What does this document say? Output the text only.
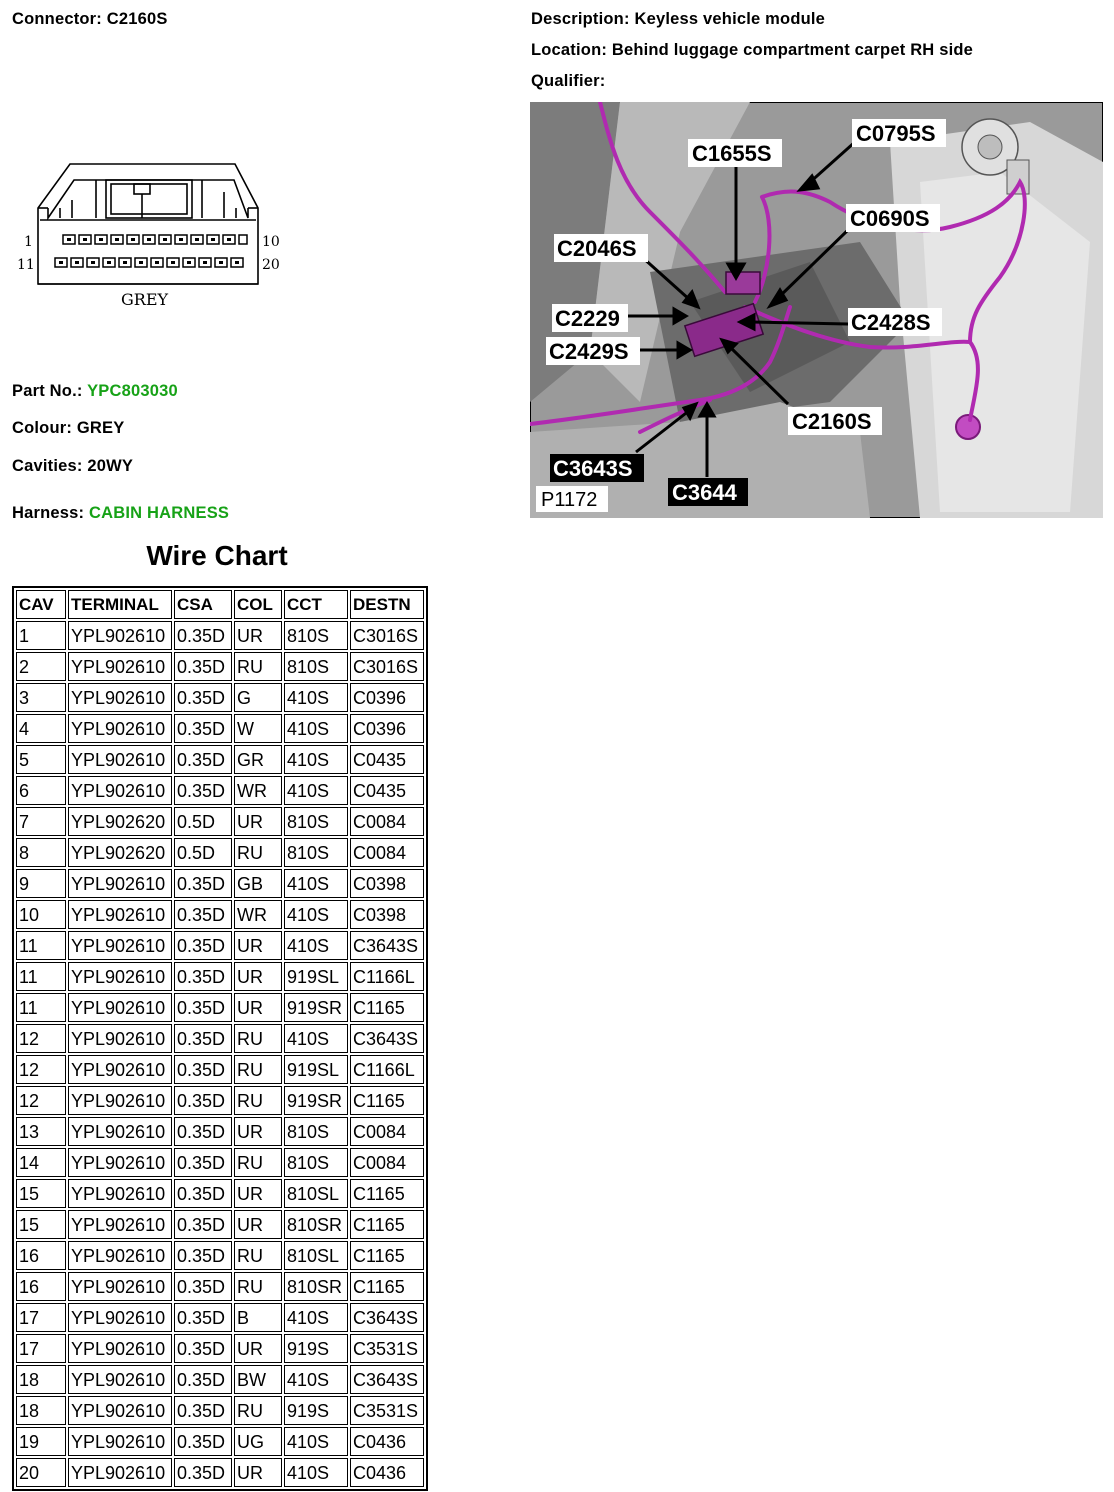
Connector: C2160S	Description: Keyless vehicle module
Location: Behind luggage compartment carpet RH side
Qualifier:
1
11
10
20
GREY
Part No.: YPC803030
Colour: GREY
Cavities: 20WY
Harness: CABIN HARNESS
C1655S
C0795S
C0690S
C2046S
C2229
C2429S
C2428S
C2160S
C3643S
C3644
P1172
Wire Chart
CAV	TERMINAL	CSA	COL	CCT	DESTN
1	YPL902610	0.35D	UR	810S	C3016S
2	YPL902610	0.35D	RU	810S	C3016S
3	YPL902610	0.35D	G	410S	C0396
4	YPL902610	0.35D	W	410S	C0396
5	YPL902610	0.35D	GR	410S	C0435
6	YPL902610	0.35D	WR	410S	C0435
7	YPL902620	0.5D	UR	810S	C0084
8	YPL902620	0.5D	RU	810S	C0084
9	YPL902610	0.35D	GB	410S	C0398
10	YPL902610	0.35D	WR	410S	C0398
11	YPL902610	0.35D	UR	410S	C3643S
11	YPL902610	0.35D	UR	919SL	C1166L
11	YPL902610	0.35D	UR	919SR	C1165
12	YPL902610	0.35D	RU	410S	C3643S
12	YPL902610	0.35D	RU	919SL	C1166L
12	YPL902610	0.35D	RU	919SR	C1165
13	YPL902610	0.35D	UR	810S	C0084
14	YPL902610	0.35D	RU	810S	C0084
15	YPL902610	0.35D	UR	810SL	C1165
15	YPL902610	0.35D	UR	810SR	C1165
16	YPL902610	0.35D	RU	810SL	C1165
16	YPL902610	0.35D	RU	810SR	C1165
17	YPL902610	0.35D	B	410S	C3643S
17	YPL902610	0.35D	UR	919S	C3531S
18	YPL902610	0.35D	BW	410S	C3643S
18	YPL902610	0.35D	RU	919S	C3531S
19	YPL902610	0.35D	UG	410S	C0436
20	YPL902610	0.35D	UR	410S	C0436
